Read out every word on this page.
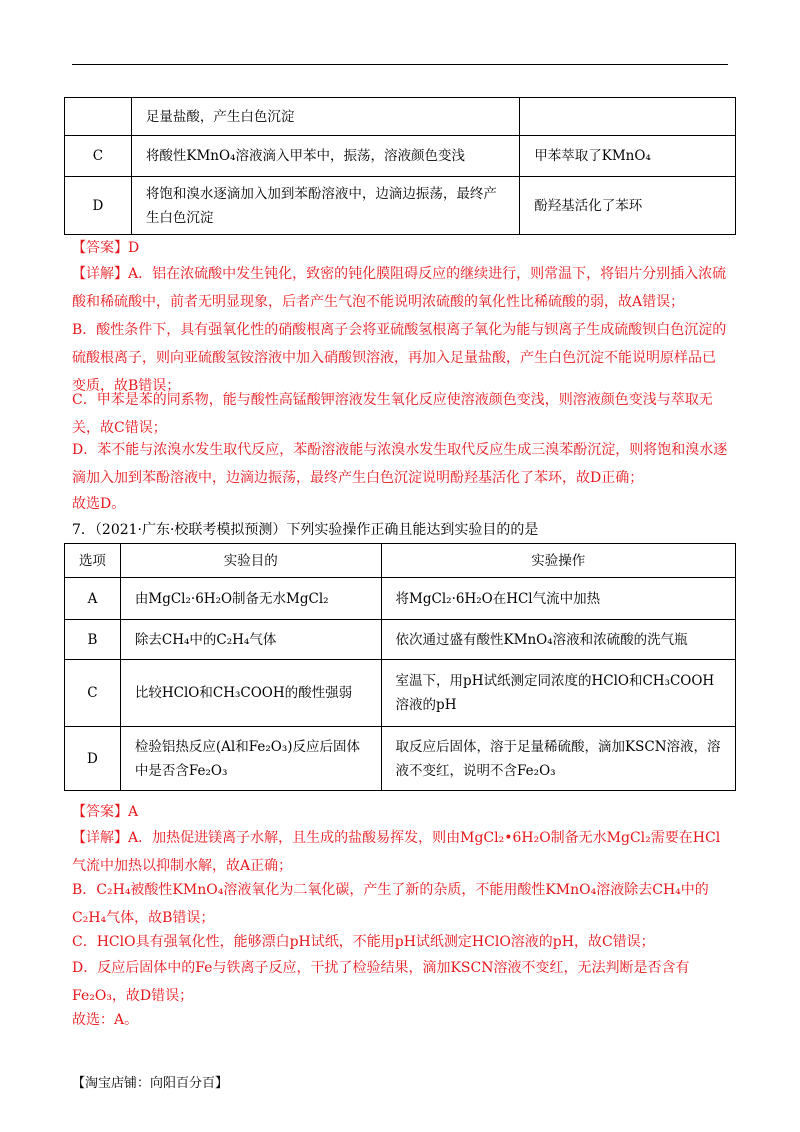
	足量盐酸，产生白色沉淀	
C	将酸性KMnO₄溶液滴入甲苯中，振荡，溶液颜色变浅	甲苯萃取了KMnO₄
D	将饱和溴水逐滴加入加到苯酚溶液中，边滴边振荡，最终产生白色沉淀	酚羟基活化了苯环

【答案】D

【详解】A．铝在浓硫酸中发生钝化，致密的钝化膜阻碍反应的继续进行，则常温下，将铝片分别插入浓硫酸和稀硫酸中，前者无明显现象，后者产生气泡不能说明浓硫酸的氧化性比稀硫酸的弱，故A错误；

B．酸性条件下，具有强氧化性的硝酸根离子会将亚硫酸氢根离子氧化为能与钡离子生成硫酸钡白色沉淀的硫酸根离子，则向亚硫酸氢铵溶液中加入硝酸钡溶液，再加入足量盐酸，产生白色沉淀不能说明原样品已变质，故B错误；

C．甲苯是苯的同系物，能与酸性高锰酸钾溶液发生氧化反应使溶液颜色变浅，则溶液颜色变浅与萃取无关，故C错误；

D．苯不能与浓溴水发生取代反应，苯酚溶液能与浓溴水发生取代反应生成三溴苯酚沉淀，则将饱和溴水逐滴加入加到苯酚溶液中，边滴边振荡，最终产生白色沉淀说明酚羟基活化了苯环，故D正确；

故选D。

7．（2021·广东·校联考模拟预测）下列实验操作正确且能达到实验目的的是

选项	实验目的	实验操作
A	由MgCl₂·6H₂O制备无水MgCl₂	将MgCl₂·6H₂O在HCl气流中加热
B	除去CH₄中的C₂H₄气体	依次通过盛有酸性KMnO₄溶液和浓硫酸的洗气瓶
C	比较HClO和CH₃COOH的酸性强弱	室温下，用pH试纸测定同浓度的HClO和CH₃COOH溶液的pH
D	检验铝热反应(Al和Fe₂O₃)反应后固体中是否含Fe₂O₃	取反应后固体，溶于足量稀硫酸，滴加KSCN溶液，溶液不变红，说明不含Fe₂O₃

【答案】A

【详解】A．加热促进镁离子水解，且生成的盐酸易挥发，则由MgCl₂•6H₂O制备无水MgCl₂需要在HCl气流中加热以抑制水解，故A正确；

B．C₂H₄被酸性KMnO₄溶液氧化为二氧化碳，产生了新的杂质，不能用酸性KMnO₄溶液除去CH₄中的C₂H₄气体，故B错误；

C．HClO具有强氧化性，能够漂白pH试纸，不能用pH试纸测定HClO溶液的pH，故C错误；

D．反应后固体中的Fe与铁离子反应，干扰了检验结果，滴加KSCN溶液不变红，无法判断是否含有Fe₂O₃，故D错误；

故选：A。

【淘宝店铺：向阳百分百】
